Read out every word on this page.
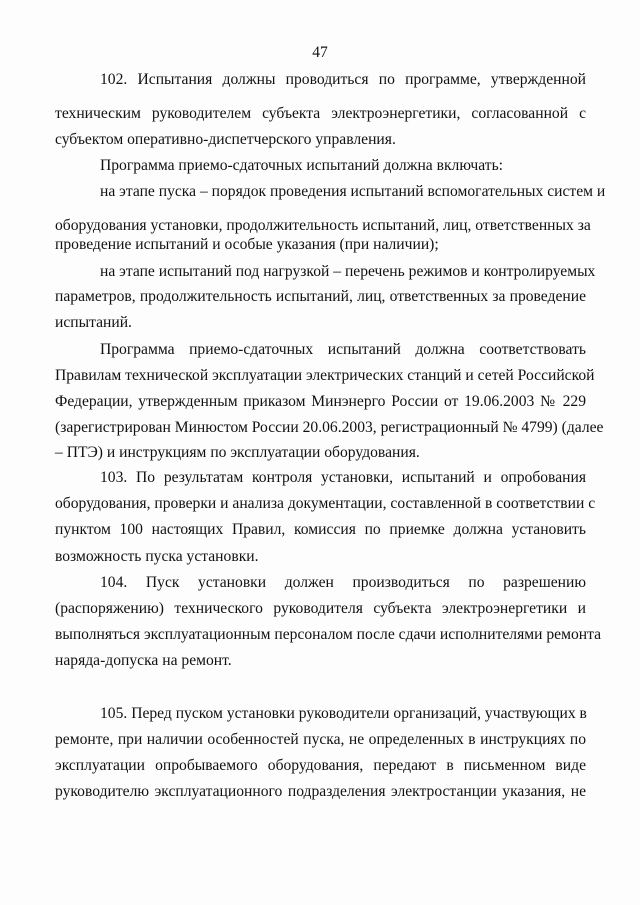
47
102. Испытания должны проводиться по программе, утвержденной
техническим руководителем субъекта электроэнергетики, согласованной с
субъектом оперативно-диспетчерского управления.
Программа приемо-сдаточных испытаний должна включать:
на этапе пуска – порядок проведения испытаний вспомогательных систем и
оборудования установки, продолжительность испытаний, лиц, ответственных за
проведение испытаний и особые указания (при наличии);
на этапе испытаний под нагрузкой – перечень режимов и контролируемых
параметров, продолжительность испытаний, лиц, ответственных за проведение
испытаний.
Программа приемо-сдаточных испытаний должна соответствовать
Правилам технической эксплуатации электрических станций и сетей Российской
Федерации, утвержденным приказом Минэнерго России от 19.06.2003 № 229
(зарегистрирован Минюстом России 20.06.2003, регистрационный № 4799) (далее
– ПТЭ) и инструкциям по эксплуатации оборудования.
103. По результатам контроля установки, испытаний и опробования
оборудования, проверки и анализа документации, составленной в соответствии с
пунктом 100 настоящих Правил, комиссия по приемке должна установить
возможность пуска установки.
104. Пуск установки должен производиться по разрешению
(распоряжению) технического руководителя субъекта электроэнергетики и
выполняться эксплуатационным персоналом после сдачи исполнителями ремонта
наряда-допуска на ремонт.
105. Перед пуском установки руководители организаций, участвующих в
ремонте, при наличии особенностей пуска, не определенных в инструкциях по
эксплуатации опробываемого оборудования, передают в письменном виде
руководителю эксплуатационного подразделения электростанции указания, не
